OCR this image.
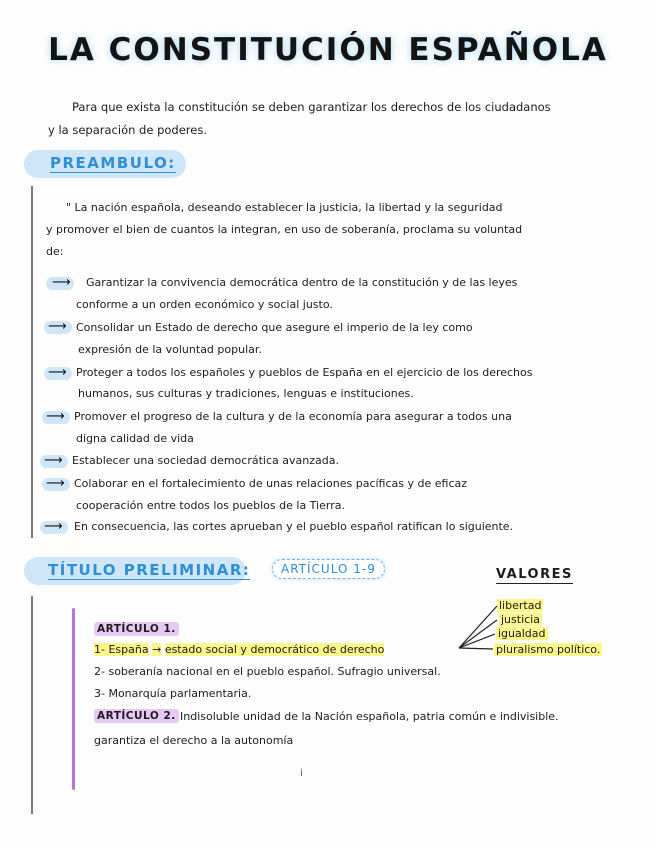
LA CONSTITUCIÓN ESPAÑOLA
Para que exista la constitución se deben garantizar los derechos de los ciudadanos
y la separación de poderes.
PREAMBULO:
" La nación española, deseando establecer la justicia, la libertad y la seguridad
y promover el bien de cuantos la integran, en uso de soberanía, proclama su voluntad
de:
⟶ Garantizar la convivencia democrática dentro de la constitución y de las leyes
conforme a un orden económico y social justo.
⟶ Consolidar un Estado de derecho que asegure el imperio de la ley como
expresión de la voluntad popular.
⟶ Proteger a todos los españoles y pueblos de España en el ejercicio de los derechos
humanos, sus culturas y tradiciones, lenguas e instituciones.
⟶ Promover el progreso de la cultura y de la economía para asegurar a todos una
digna calidad de vida
⟶ Establecer una sociedad democrática avanzada.
⟶ Colaborar en el fortalecimiento de unas relaciones pacíficas y de eficaz
cooperación entre todos los pueblos de la Tierra.
⟶ En consecuencia, las cortes aprueban y el pueblo español ratifican lo siguiente.
TÍTULO PRELIMINAR:	ARTÍCULO 1-9	VALORES
libertad
justicia
igualdad
pluralismo político.
ARTÍCULO 1.
1- España → estado social y democrático de derecho
2- soberanía nacional en el pueblo español. Sufragio universal.
3- Monarquía parlamentaria.
ARTÍCULO 2. Indisoluble unidad de la Nación española, patria común e indivisible.
garantiza el derecho a la autonomía
i
